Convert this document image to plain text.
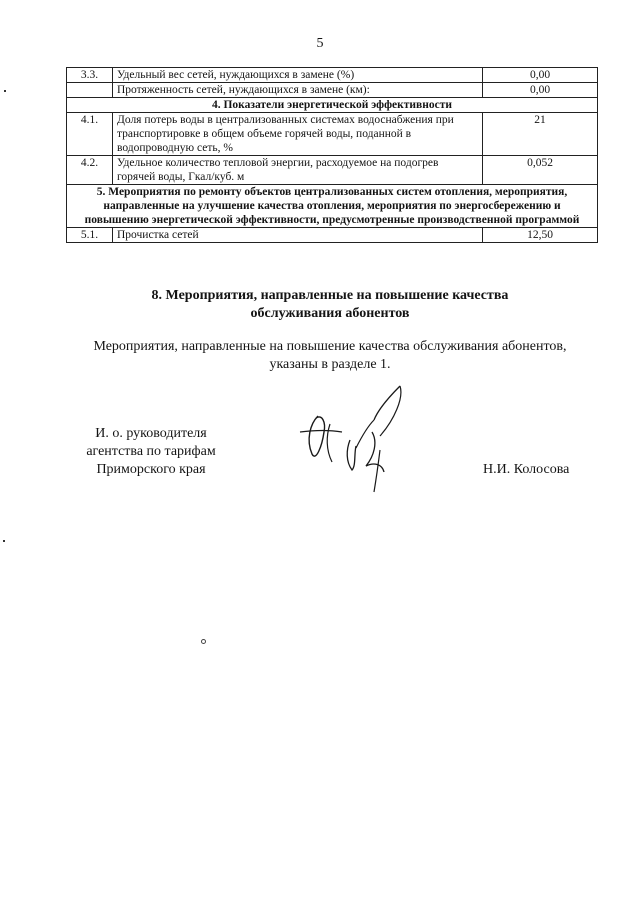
5
3.3.	Удельный вес сетей, нуждающихся в замене (%)	0,00
	Протяженность сетей, нуждающихся в замене (км):	0,00
4. Показатели энергетической эффективности		
4.1.	Доля потерь воды в централизованных системах водоснабжения при транспортировке в общем объеме горячей воды, поданной в водопроводную сеть, %	21
4.2.	Удельное количество тепловой энергии, расходуемое на подогрев горячей воды, Гкал/куб. м	0,052
5. Мероприятия по ремонту объектов централизованных систем отопления, мероприятия, направленные на улучшение качества отопления, мероприятия по энергосбережению и повышению энергетической эффективности, предусмотренные производственной программой		
5.1.	Прочистка сетей	12,50
8. Мероприятия, направленные на повышение качества
обслуживания абонентов
Мероприятия, направленные на повышение качества обслуживания абонентов,
указаны в разделе 1.
И. о. руководителя
агентства по тарифам
Приморского края	Н.И. Колосова
